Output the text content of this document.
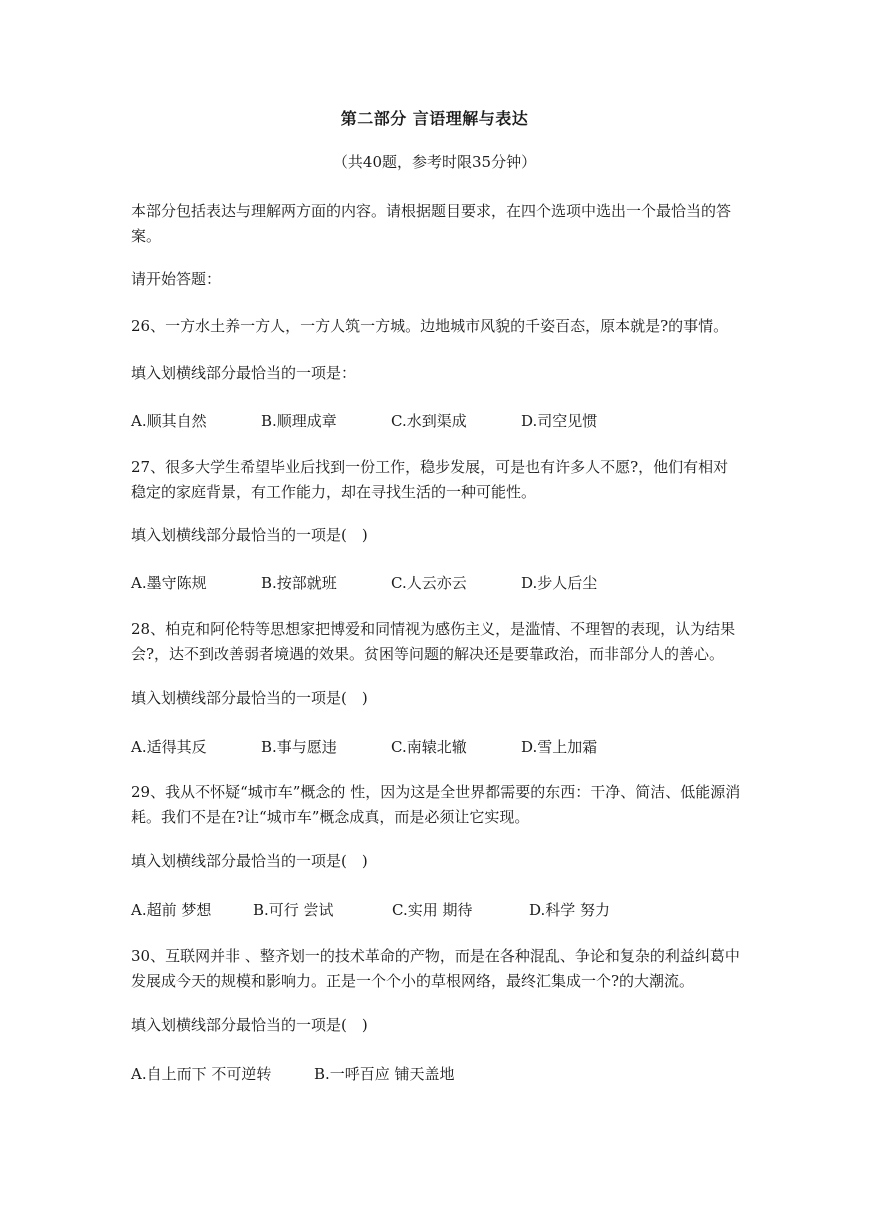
第二部分 言语理解与表达
（共40题，参考时限35分钟）

本部分包括表达与理解两方面的内容。请根据题目要求，在四个选项中选出一个最恰当的答案。

请开始答题：

26、一方水土养一方人，一方人筑一方城。边地城市风貌的千姿百态，原本就是?的事情。

填入划横线部分最恰当的一项是：

A.顺其自然	B.顺理成章	C.水到渠成	D.司空见惯

27、很多大学生希望毕业后找到一份工作，稳步发展，可是也有许多人不愿?，他们有相对稳定的家庭背景，有工作能力，却在寻找生活的一种可能性。

填入划横线部分最恰当的一项是(　)

A.墨守陈规	B.按部就班	C.人云亦云	D.步人后尘

28、柏克和阿伦特等思想家把博爱和同情视为感伤主义，是滥情、不理智的表现，认为结果会?，达不到改善弱者境遇的效果。贫困等问题的解决还是要靠政治，而非部分人的善心。

填入划横线部分最恰当的一项是(　)

A.适得其反	B.事与愿违	C.南辕北辙	D.雪上加霜

29、我从不怀疑“城市车”概念的 性，因为这是全世界都需要的东西：干净、简洁、低能源消耗。我们不是在?让“城市车”概念成真，而是必须让它实现。

填入划横线部分最恰当的一项是(　)

A.超前 梦想	B.可行 尝试	C.实用 期待	D.科学 努力

30、互联网并非 、整齐划一的技术革命的产物，而是在各种混乱、争论和复杂的利益纠葛中发展成今天的规模和影响力。正是一个个小的草根网络，最终汇集成一个?的大潮流。

填入划横线部分最恰当的一项是(　)

A.自上而下 不可逆转	B.一呼百应 铺天盖地
